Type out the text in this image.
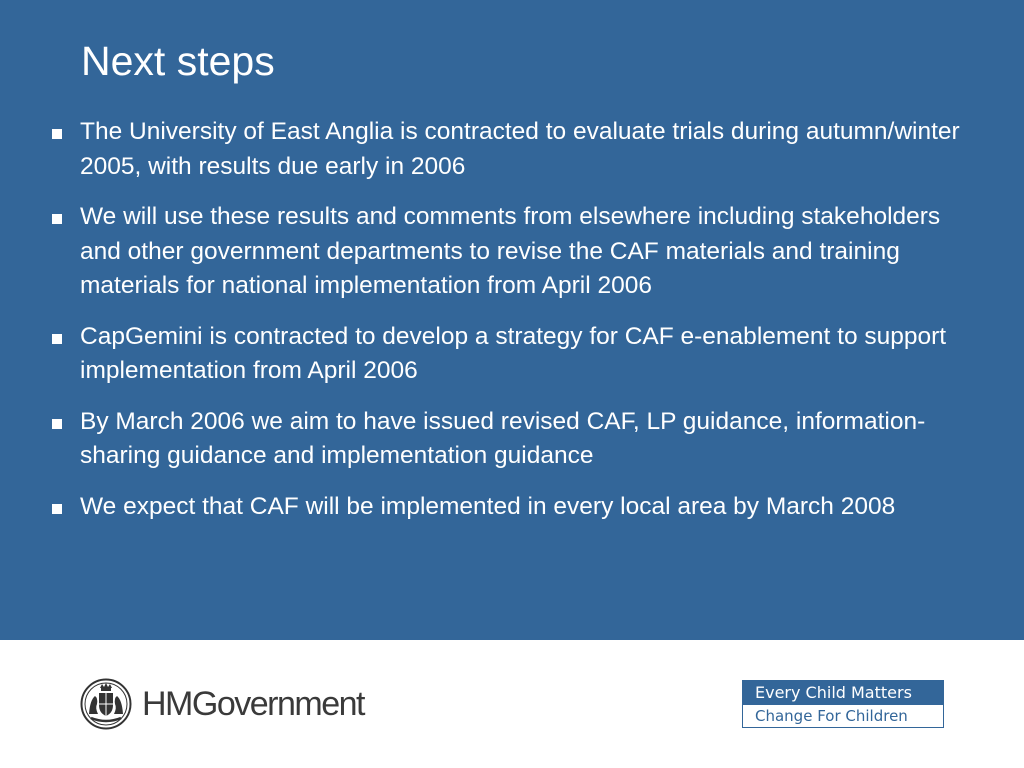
Next steps
The University of East Anglia is contracted to evaluate trials during autumn/winter 2005, with results due early in 2006
We will use these results and comments from elsewhere including stakeholders and other government departments to revise the CAF materials and training materials for national implementation from April 2006
CapGemini is contracted to develop a strategy for CAF e-enablement to support implementation from April 2006
By March 2006 we aim to have issued revised CAF, LP guidance, information-sharing guidance and implementation guidance
We expect that CAF will be implemented in every local area by March 2008
HMGovernment	Every Child Matters
Change For Children
